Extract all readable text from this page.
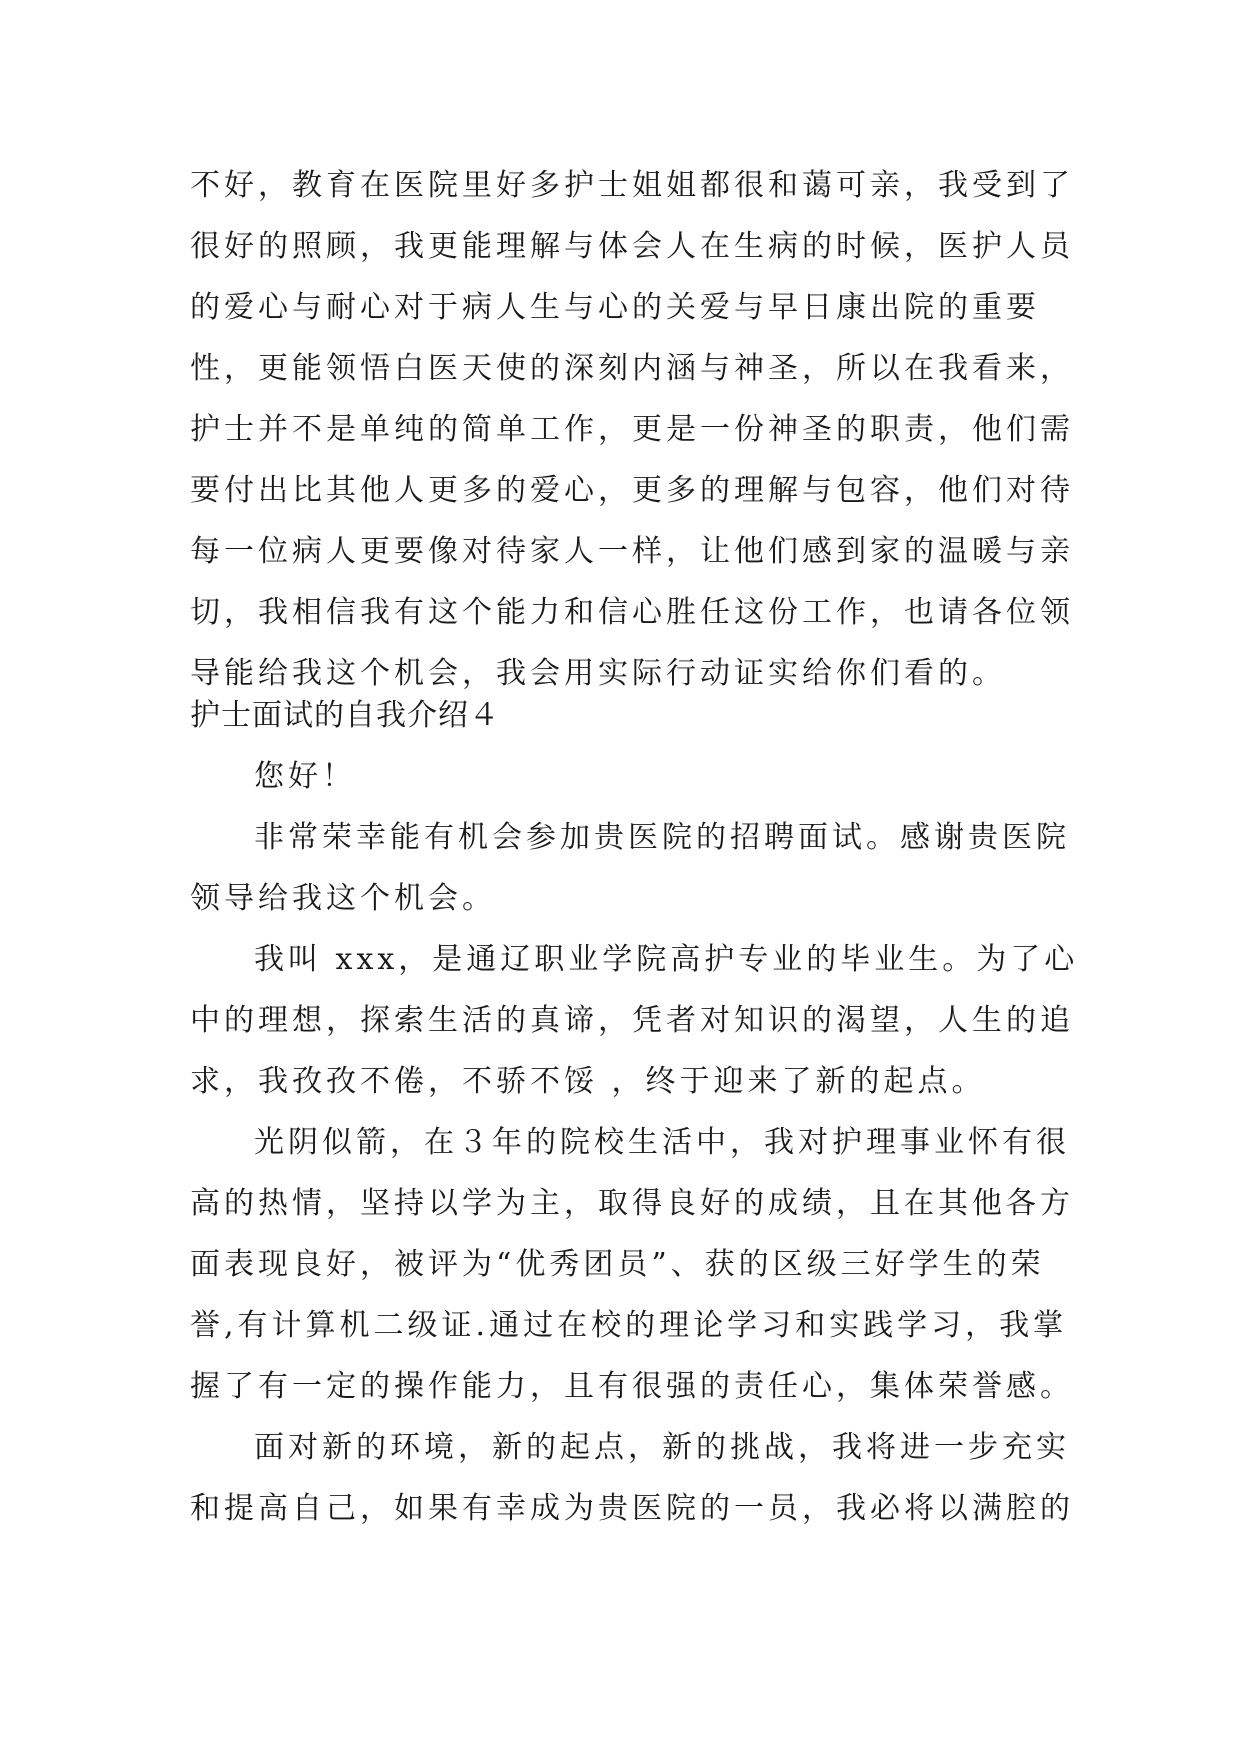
不好，教育在医院里好多护士姐姐都很和蔼可亲，我受到了
很好的照顾，我更能理解与体会人在生病的时候，医护人员
的爱心与耐心对于病人生与心的关爱与早日康出院的重要
性，更能领悟白医天使的深刻内涵与神圣，所以在我看来，
护士并不是单纯的简单工作，更是一份神圣的职责，他们需
要付出比其他人更多的爱心，更多的理解与包容，他们对待
每一位病人更要像对待家人一样，让他们感到家的温暖与亲
切，我相信我有这个能力和信心胜任这份工作，也请各位领
导能给我这个机会，我会用实际行动证实给你们看的。
护士面试的自我介绍４
您好！
非常荣幸能有机会参加贵医院的招聘面试。感谢贵医院
领导给我这个机会。
我叫 xxx，是通辽职业学院高护专业的毕业生。为了心
中的理想，探索生活的真谛，凭者对知识的渴望，人生的追
求，我孜孜不倦，不骄不馁 ，终于迎来了新的起点。
光阴似箭，在３年的院校生活中，我对护理事业怀有很
高的热情，坚持以学为主，取得良好的成绩，且在其他各方
面表现良好，被评为“优秀团员”、获的区级三好学生的荣
誉,有计算机二级证.通过在校的理论学习和实践学习，我掌
握了有一定的操作能力，且有很强的责任心，集体荣誉感。
面对新的环境，新的起点，新的挑战，我将进一步充实
和提高自己，如果有幸成为贵医院的一员，我必将以满腔的
